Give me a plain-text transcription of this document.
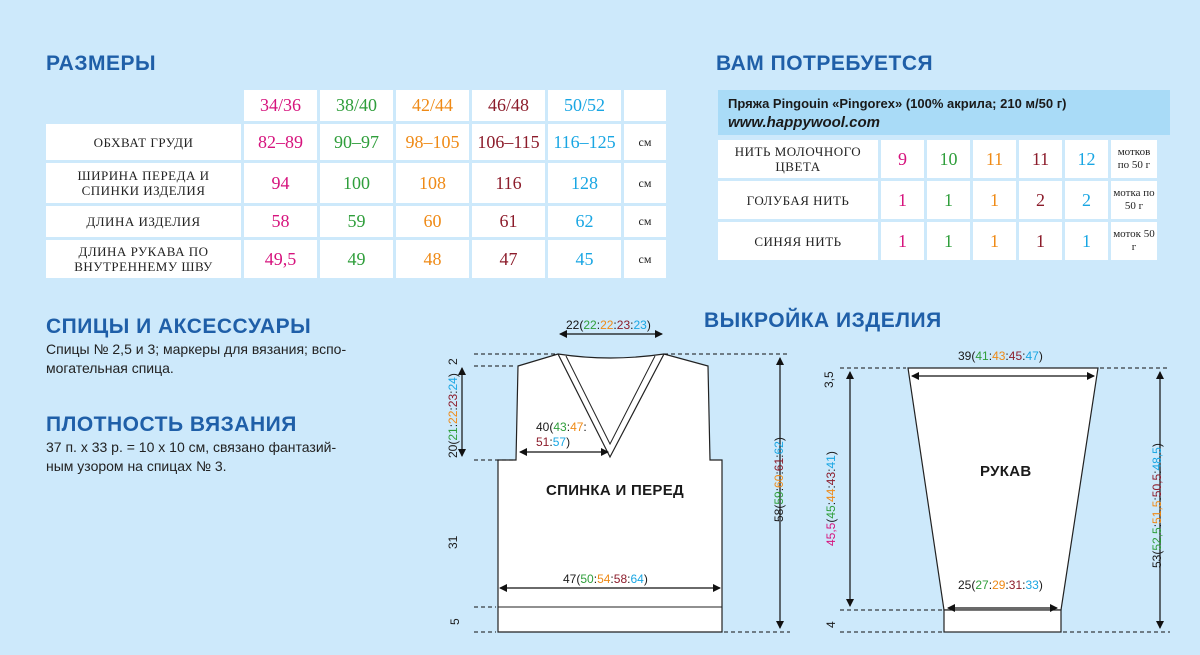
РАЗМЕРЫ
	34/36	38/40	42/44	46/48	50/52	
ОБХВАТ ГРУДИ	82–89	90–97	98–105	106–115	116–125	см
ШИРИНА ПЕРЕДА И СПИНКИ ИЗДЕЛИЯ	94	100	108	116	128	см
ДЛИНА ИЗДЕЛИЯ	58	59	60	61	62	см
ДЛИНА РУКАВА ПО ВНУТРЕННЕМУ ШВУ	49,5	49	48	47	45	см
ВАМ ПОТРЕБУЕТСЯ
Пряжа Pingouin «Pingorex» (100% акрила; 210 м/50 г)
www.happywool.com
НИТЬ МОЛОЧНОГО ЦВЕТА	9	10	11	11	12	мотков по 50 г
ГОЛУБАЯ НИТЬ	1	1	1	2	2	мотка по 50 г
СИНЯЯ НИТЬ	1	1	1	1	1	моток 50 г
СПИЦЫ И АКСЕССУАРЫ
Спицы № 2,5 и 3; маркеры для вязания; вспо-
могательная спица.
ПЛОТНОСТЬ ВЯЗАНИЯ
37 п. х 33 р. = 10 х 10 см, связано фантазий-
ным узором на спицах № 3.
ВЫКРОЙКА ИЗДЕЛИЯ
СПИНКА И ПЕРЕД
РУКАВ
22(22:22:23:23)
40(43:47:
51:57)
47(50:54:58:64)
20(21:22:23:24)
58(59:60:61:62)
2
31
5
39(41:43:45:47)
25(27:29:31:33)
45,5(45:44:43:41)
53(52,5:51,5:50,5:48,5)
3,5
4
